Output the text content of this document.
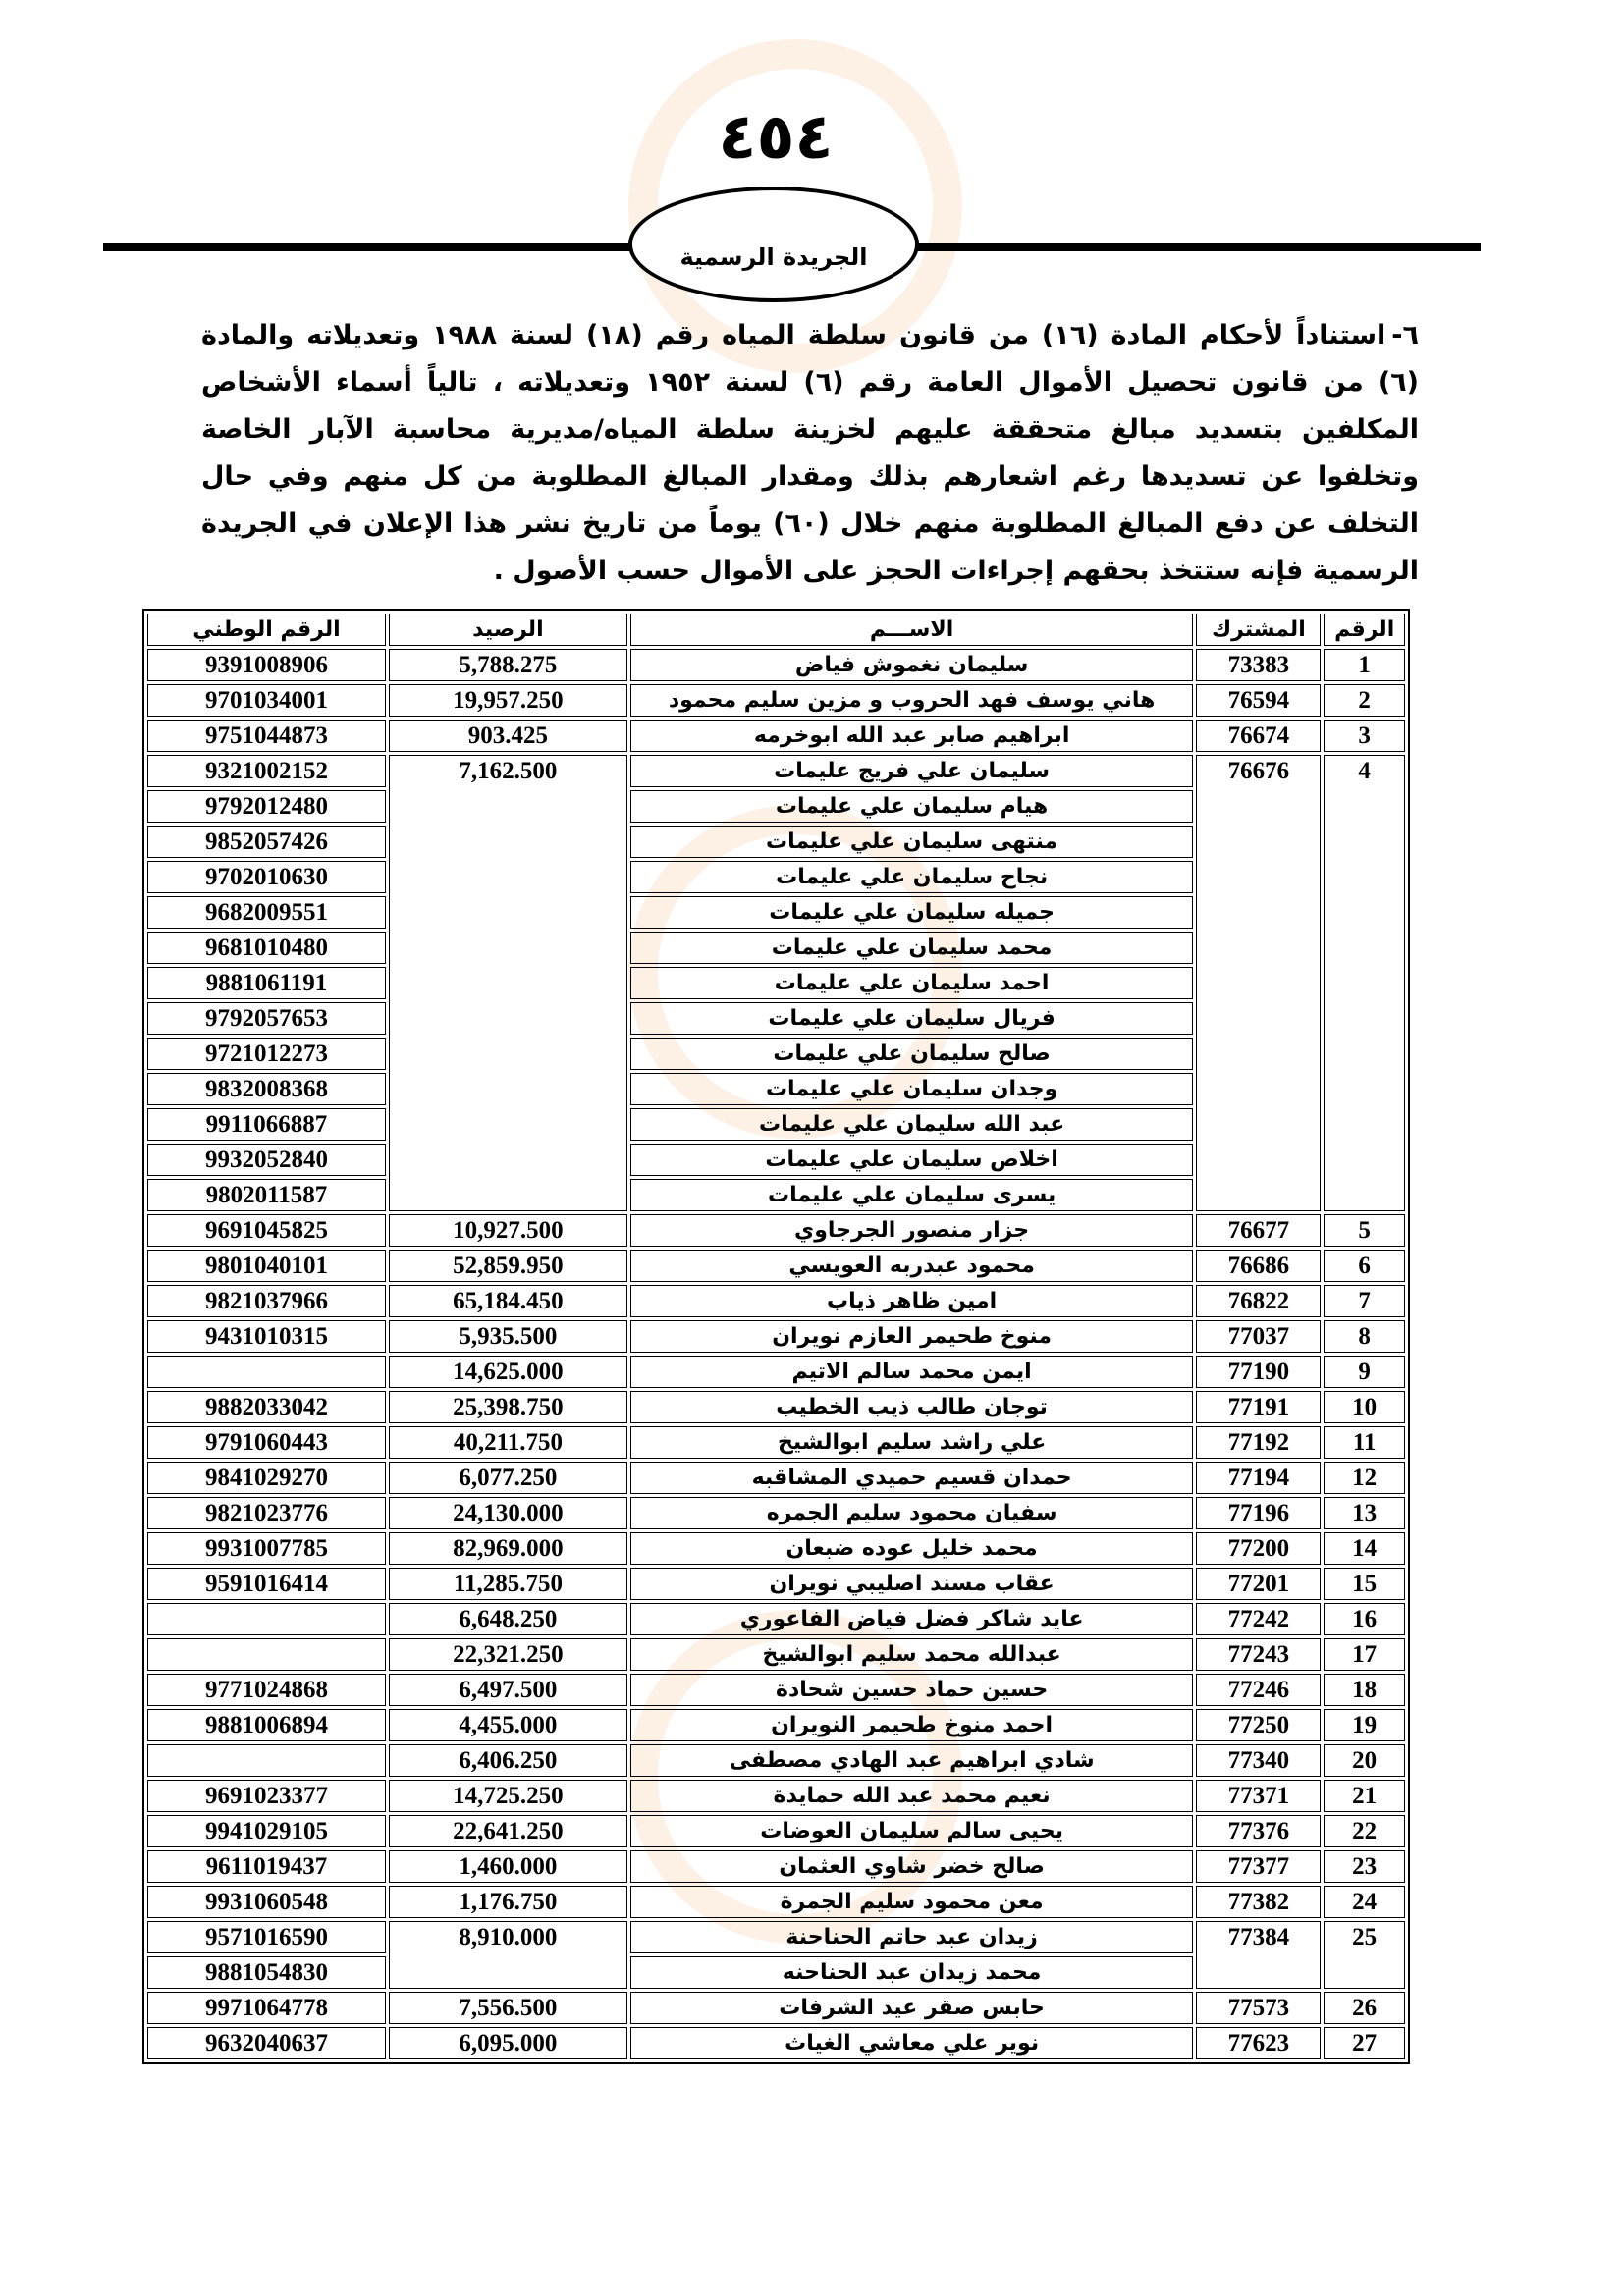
٤٥٤
الجريدة الرسمية
٦-استناداً لأحكام المادة (١٦) من قانون سلطة المياه رقم (١٨) لسنة ١٩٨٨ وتعديلاته والمادة (٦) من قانون تحصيل الأموال العامة رقم (٦) لسنة ١٩٥٢ وتعديلاته ، تالياً أسماء الأشخاص المكلفين بتسديد مبالغ متحققة عليهم لخزينة سلطة المياه/مديرية محاسبة الآبار الخاصة وتخلفوا عن تسديدها رغم اشعارهم بذلك ومقدار المبالغ المطلوبة من كل منهم وفي حال التخلف عن دفع المبالغ المطلوبة منهم خلال (٦٠) يوماً من تاريخ نشر هذا الإعلان في الجريدة الرسمية فإنه ستتخذ بحقهم إجراءات الحجز على الأموال حسب الأصول .
الرقم	المشترك	الاســـم	الرصيد	الرقم الوطني
1	73383	سليمان نغموش فياض	5,788.275	9391008906
2	76594	هاني يوسف فهد الحروب و مزين سليم محمود	19,957.250	9701034001
3	76674	ابراهيم صابر عبد الله ابوخرمه	903.425	9751044873
4	76676	سليمان علي فريج عليمات	7,162.500	9321002152
		هيام سليمان علي عليمات		9792012480
		منتهى سليمان علي عليمات		9852057426
		نجاح سليمان علي عليمات		9702010630
		جميله سليمان علي عليمات		9682009551
		محمد سليمان علي عليمات		9681010480
		احمد سليمان علي عليمات		9881061191
		فريال سليمان علي عليمات		9792057653
		صالح سليمان علي عليمات		9721012273
		وجدان سليمان علي عليمات		9832008368
		عبد الله سليمان علي عليمات		9911066887
		اخلاص سليمان علي عليمات		9932052840
		يسرى سليمان علي عليمات		9802011587
5	76677	جزار منصور الجرجاوي	10,927.500	9691045825
6	76686	محمود عبدربه العويسي	52,859.950	9801040101
7	76822	امين ظاهر ذياب	65,184.450	9821037966
8	77037	منوخ طحيمر العازم نويران	5,935.500	9431010315
9	77190	ايمن محمد سالم الاتيم	14,625.000	
10	77191	توجان طالب ذيب الخطيب	25,398.750	9882033042
11	77192	علي راشد سليم ابوالشيخ	40,211.750	9791060443
12	77194	حمدان قسيم حميدي المشاقبه	6,077.250	9841029270
13	77196	سفيان محمود سليم الجمره	24,130.000	9821023776
14	77200	محمد خليل عوده ضبعان	82,969.000	9931007785
15	77201	عقاب مسند اصليبي نويران	11,285.750	9591016414
16	77242	عايد شاكر فضل فياض الفاعوري	6,648.250	
17	77243	عبدالله محمد سليم ابوالشيخ	22,321.250	
18	77246	حسين حماد حسين شحادة	6,497.500	9771024868
19	77250	احمد منوخ طحيمر النويران	4,455.000	9881006894
20	77340	شادي ابراهيم عبد الهادي مصطفى	6,406.250	
21	77371	نعيم محمد عبد الله حمايدة	14,725.250	9691023377
22	77376	يحيى سالم سليمان العوضات	22,641.250	9941029105
23	77377	صالح خضر شاوي العثمان	1,460.000	9611019437
24	77382	معن محمود سليم الجمرة	1,176.750	9931060548
25	77384	زيدان عبد حاتم الحناحنة	8,910.000	9571016590
		محمد زيدان عبد الحناحنه		9881054830
26	77573	حابس صقر عيد الشرفات	7,556.500	9971064778
27	77623	نوير علي معاشي الغياث	6,095.000	9632040637
